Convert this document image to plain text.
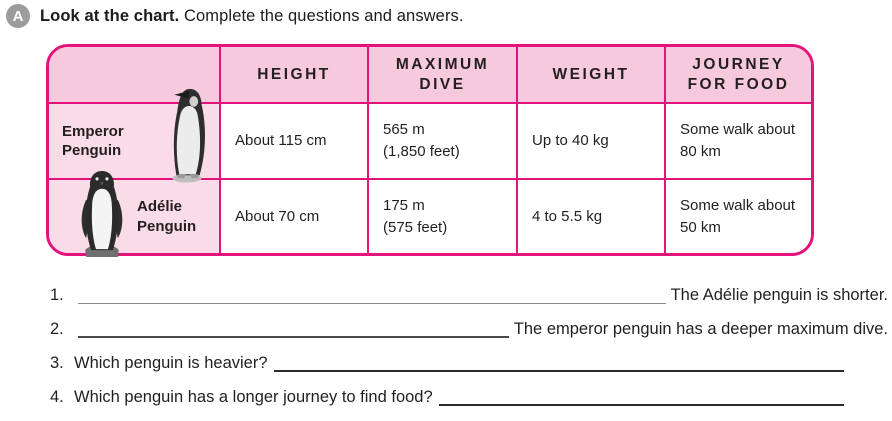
A Look at the chart. Complete the questions and answers.
HEIGHT
MAXIMUM DIVE
WEIGHT
JOURNEY FOR FOOD
Emperor Penguin
About 115 cm
565 m
(1,850 feet)
Up to 40 kg
Some walk about 80 km
Adélie Penguin
About 70 cm
175 m
(575 feet)
4 to 5.5 kg
Some walk about 50 km
1.	The Adélie penguin is shorter.
2.	The emperor penguin has a deeper maximum dive.
3. Which penguin is heavier?
4. Which penguin has a longer journey to find food?
